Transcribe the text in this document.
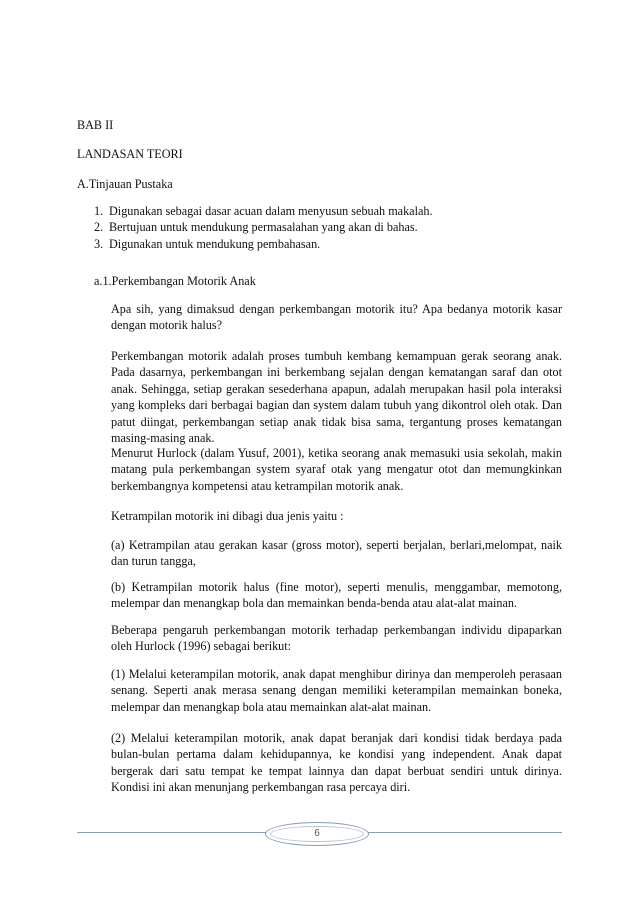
BAB II

LANDASAN TEORI

A.Tinjauan Pustaka

1. Digunakan sebagai dasar acuan dalam menyusun sebuah makalah.
2. Bertujuan untuk mendukung permasalahan yang akan di bahas.
3. Digunakan untuk mendukung pembahasan.

a.1.Perkembangan Motorik Anak

Apa sih, yang dimaksud dengan perkembangan motorik itu? Apa bedanya motorik kasar dengan motorik halus?

Perkembangan motorik adalah proses tumbuh kembang kemampuan gerak seorang anak. Pada dasarnya, perkembangan ini berkembang sejalan dengan kematangan saraf dan otot anak. Sehingga, setiap gerakan sesederhana apapun, adalah merupakan hasil pola interaksi yang kompleks dari berbagai bagian dan system dalam tubuh yang dikontrol oleh otak. Dan patut diingat, perkembangan setiap anak tidak bisa sama, tergantung proses kematangan masing-masing anak.

Menurut Hurlock (dalam Yusuf, 2001), ketika seorang anak memasuki usia sekolah, makin matang pula perkembangan system syaraf otak yang mengatur otot dan memungkinkan berkembangnya kompetensi atau ketrampilan motorik anak.

Ketrampilan motorik ini dibagi dua jenis yaitu :

(a) Ketrampilan atau gerakan kasar (gross motor), seperti berjalan, berlari,melompat, naik dan turun tangga,

(b) Ketrampilan motorik halus (fine motor), seperti menulis, menggambar, memotong, melempar dan menangkap bola dan memainkan benda-benda atau alat-alat mainan.

Beberapa pengaruh perkembangan motorik terhadap perkembangan individu dipaparkan oleh Hurlock (1996) sebagai berikut:

(1) Melalui keterampilan motorik, anak dapat menghibur dirinya dan memperoleh perasaan senang. Seperti anak merasa senang dengan memiliki keterampilan memainkan boneka, melempar dan menangkap bola atau memainkan alat-alat mainan.

(2) Melalui keterampilan motorik, anak dapat beranjak dari kondisi tidak berdaya pada bulan-bulan pertama dalam kehidupannya, ke kondisi yang independent. Anak dapat bergerak dari satu tempat ke tempat lainnya dan dapat berbuat sendiri untuk dirinya. Kondisi ini akan menunjang perkembangan rasa percaya diri.

6
